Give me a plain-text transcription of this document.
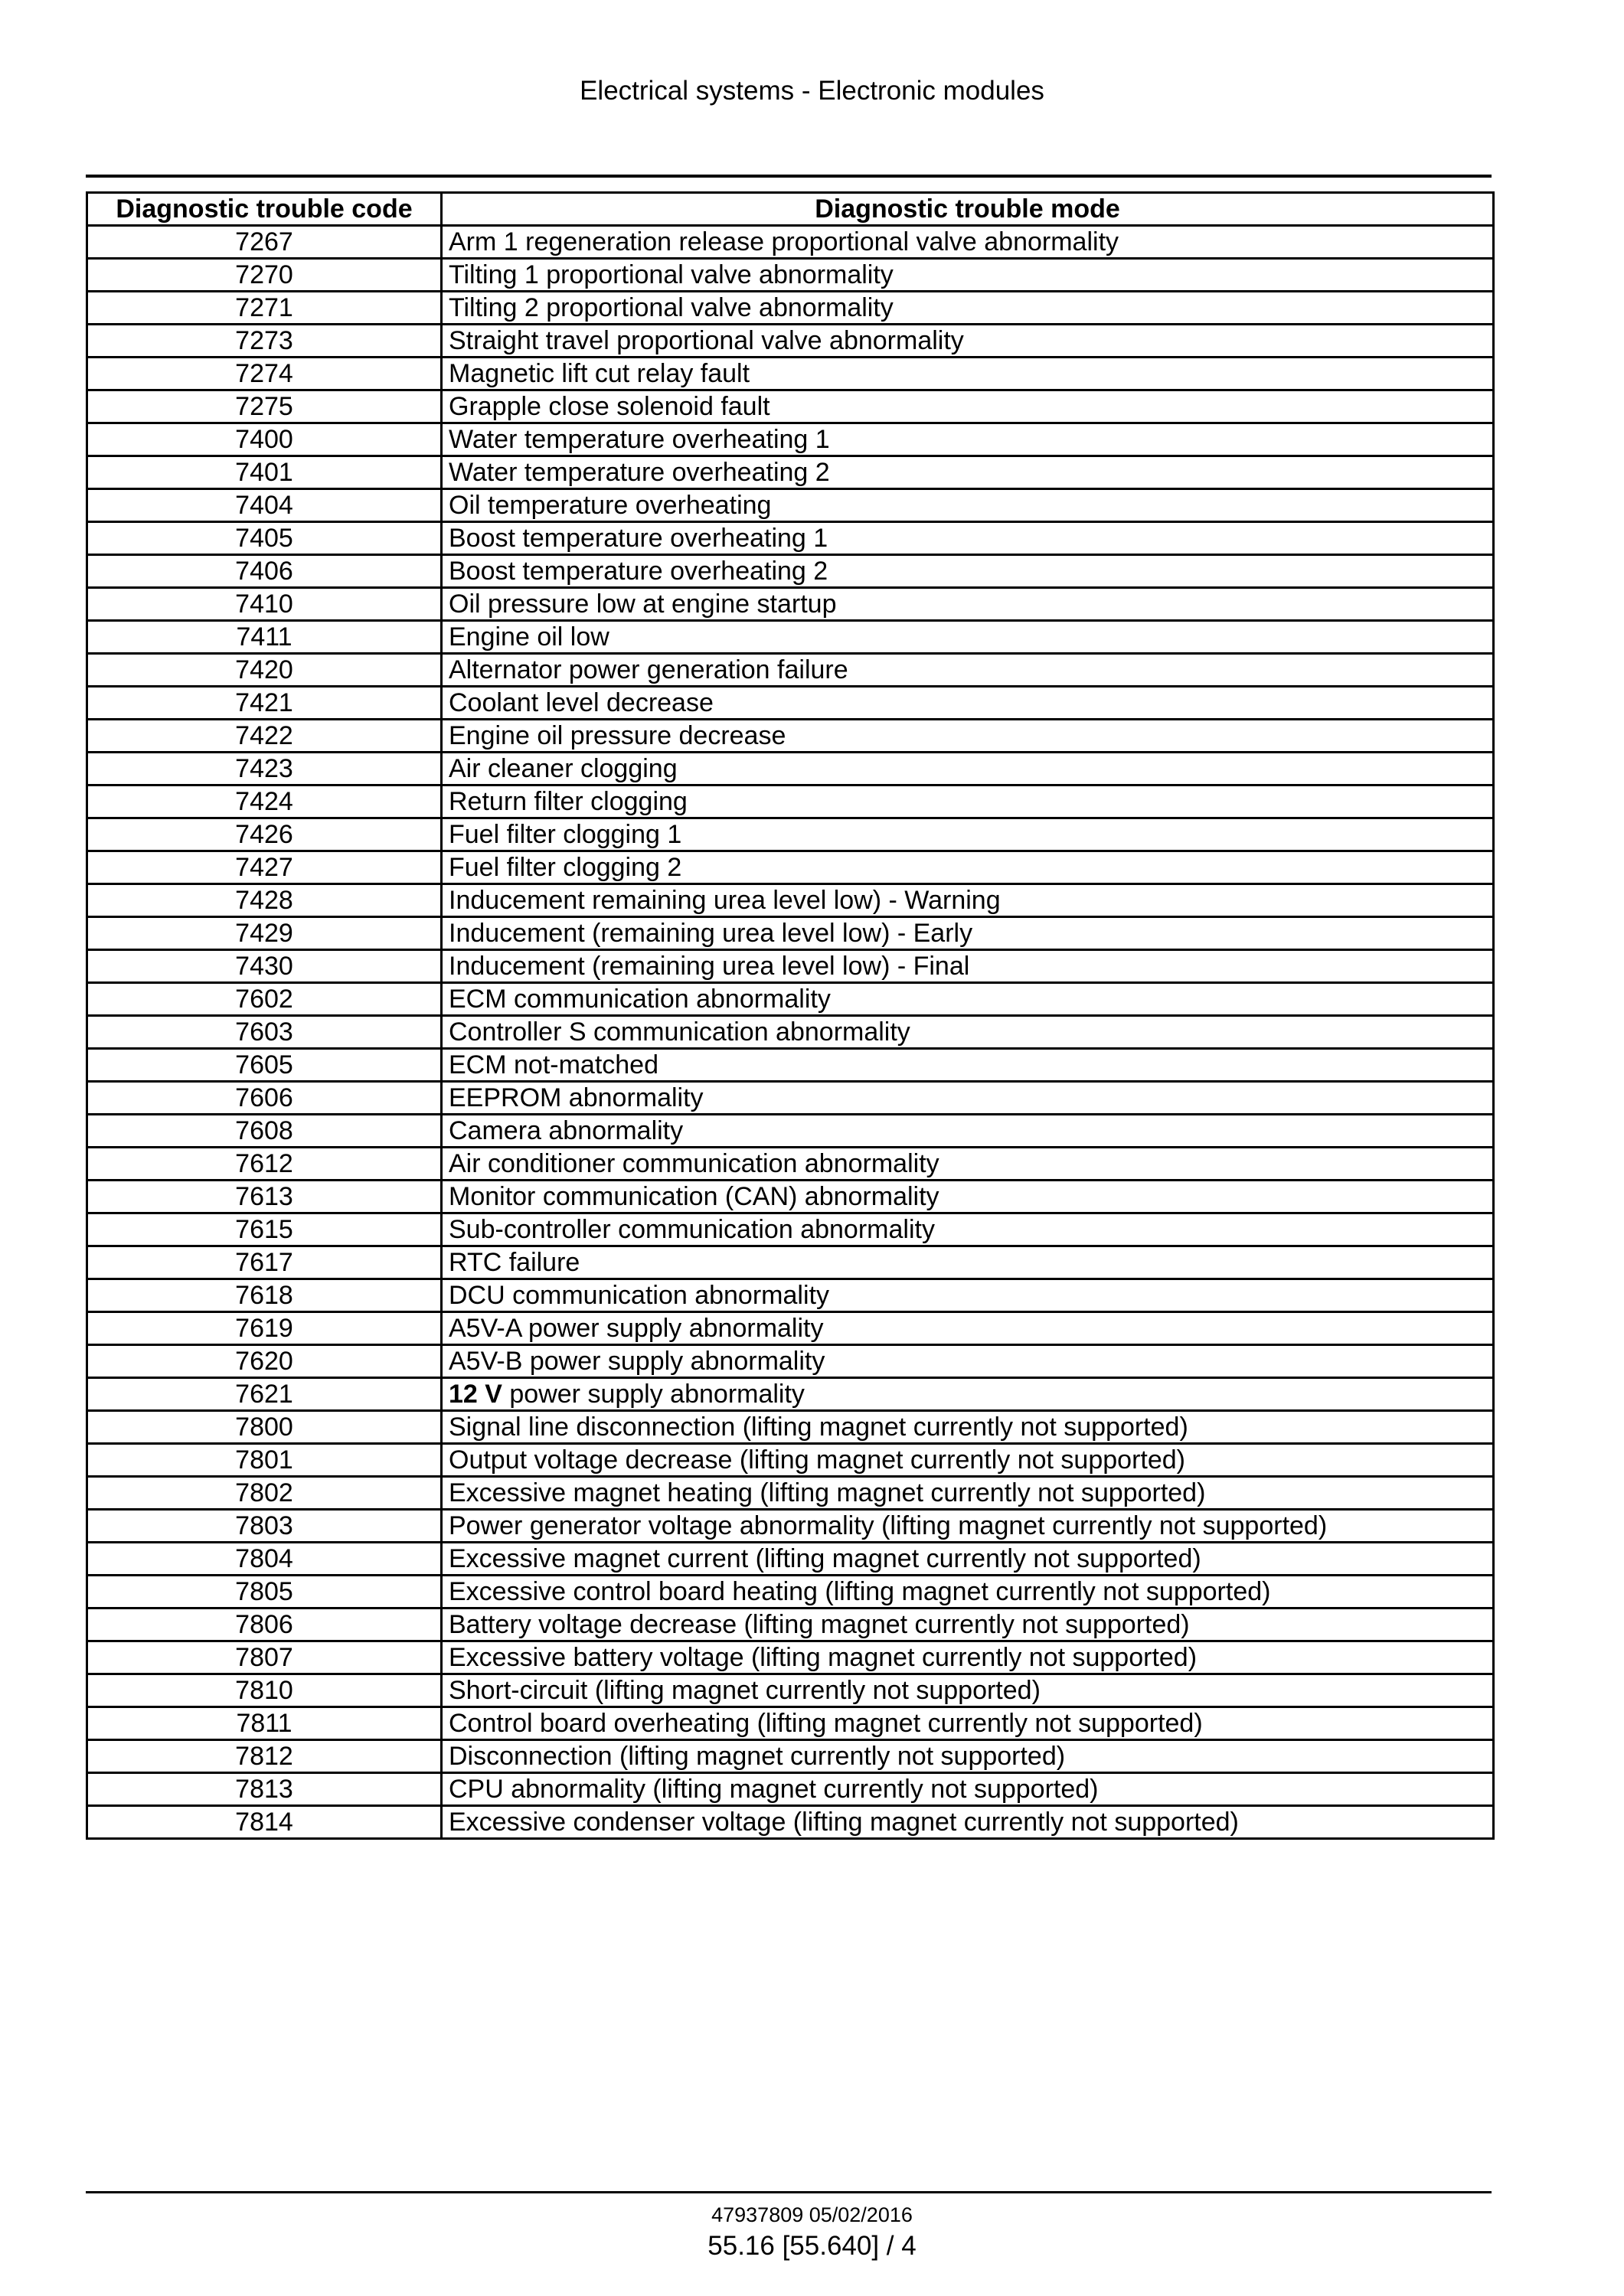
Electrical systems - Electronic modules
Diagnostic trouble code	Diagnostic trouble mode
7267	Arm 1 regeneration release proportional valve abnormality
7270	Tilting 1 proportional valve abnormality
7271	Tilting 2 proportional valve abnormality
7273	Straight travel proportional valve abnormality
7274	Magnetic lift cut relay fault
7275	Grapple close solenoid fault
7400	Water temperature overheating 1
7401	Water temperature overheating 2
7404	Oil temperature overheating
7405	Boost temperature overheating 1
7406	Boost temperature overheating 2
7410	Oil pressure low at engine startup
7411	Engine oil low
7420	Alternator power generation failure
7421	Coolant level decrease
7422	Engine oil pressure decrease
7423	Air cleaner clogging
7424	Return filter clogging
7426	Fuel filter clogging 1
7427	Fuel filter clogging 2
7428	Inducement remaining urea level low) - Warning
7429	Inducement (remaining urea level low) - Early
7430	Inducement (remaining urea level low) - Final
7602	ECM communication abnormality
7603	Controller S communication abnormality
7605	ECM not-matched
7606	EEPROM abnormality
7608	Camera abnormality
7612	Air conditioner communication abnormality
7613	Monitor communication (CAN) abnormality
7615	Sub-controller communication abnormality
7617	RTC failure
7618	DCU communication abnormality
7619	A5V-A power supply abnormality
7620	A5V-B power supply abnormality
7621	12 V power supply abnormality
7800	Signal line disconnection (lifting magnet currently not supported)
7801	Output voltage decrease (lifting magnet currently not supported)
7802	Excessive magnet heating (lifting magnet currently not supported)
7803	Power generator voltage abnormality (lifting magnet currently not supported)
7804	Excessive magnet current (lifting magnet currently not supported)
7805	Excessive control board heating (lifting magnet currently not supported)
7806	Battery voltage decrease (lifting magnet currently not supported)
7807	Excessive battery voltage (lifting magnet currently not supported)
7810	Short-circuit (lifting magnet currently not supported)
7811	Control board overheating (lifting magnet currently not supported)
7812	Disconnection (lifting magnet currently not supported)
7813	CPU abnormality (lifting magnet currently not supported)
7814	Excessive condenser voltage (lifting magnet currently not supported)
47937809 05/02/2016
55.16 [55.640] / 4
